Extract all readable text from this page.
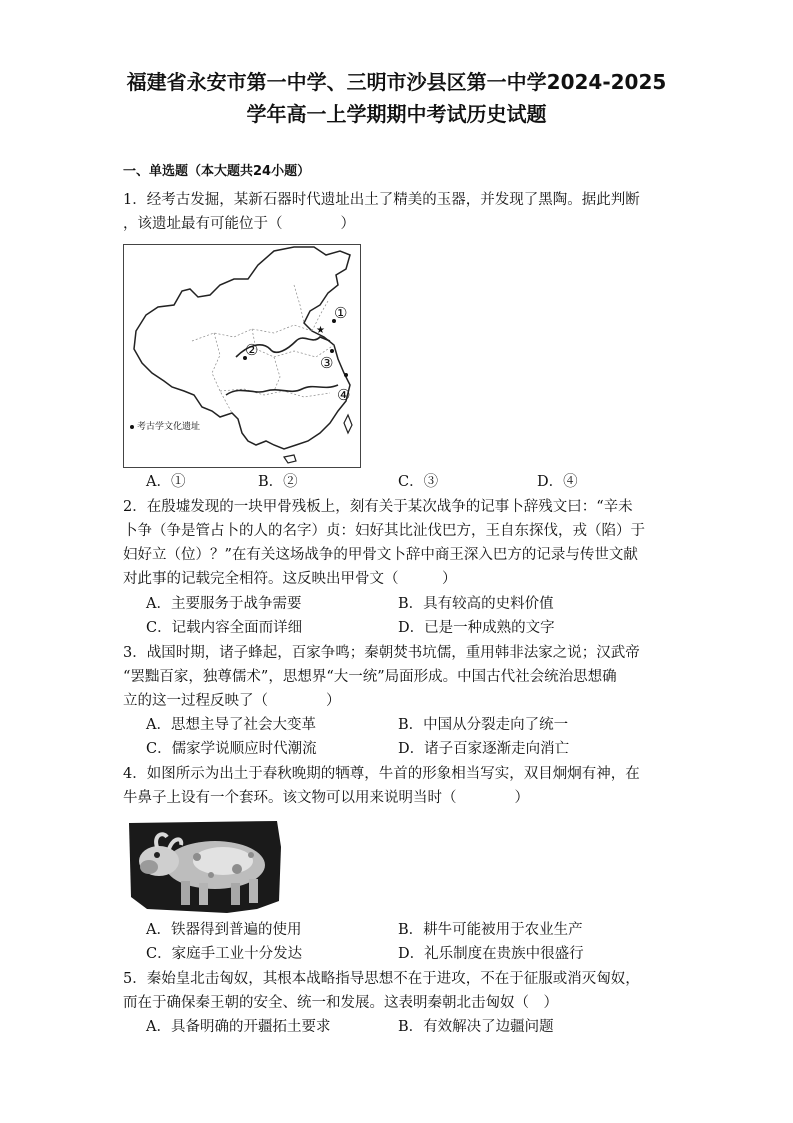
福建省永安市第一中学、三明市沙县区第一中学2024-2025
学年高一上学期期中考试历史试题
一、单选题（本大题共24小题）
1．经考古发掘，某新石器时代遗址出土了精美的玉器，并发现了黑陶。据此判断
，该遗址最有可能位于（　　　　）
★
①
②
③
④
考古学文化遗址
A．①	B．②	C．③	D．④
2．在殷墟发现的一块甲骨残板上，刻有关于某次战争的记事卜辞残文曰：“辛未
卜争（争是管占卜的人的名字）贞：妇好其比沚伐巴方，王自东探伐，戎（陷）于
妇好立（位）？”在有关这场战争的甲骨文卜辞中商王深入巴方的记录与传世文献
对此事的记载完全相符。这反映出甲骨文（　　　）
A．主要服务于战争需要	B．具有较高的史料价值
C．记载内容全面而详细	D．已是一种成熟的文字
3．战国时期，诸子蜂起，百家争鸣；秦朝焚书坑儒，重用韩非法家之说；汉武帝
“罢黜百家，独尊儒术”，思想界“大一统”局面形成。中国古代社会统治思想确
立的这一过程反映了（　　　　）
A．思想主导了社会大变革	B．中国从分裂走向了统一
C．儒家学说顺应时代潮流	D．诸子百家逐渐走向消亡
4．如图所示为出土于春秋晚期的牺尊，牛首的形象相当写实，双目炯炯有神，在
牛鼻子上设有一个套环。该文物可以用来说明当时（　　　　）
A．铁器得到普遍的使用	B．耕牛可能被用于农业生产
C．家庭手工业十分发达	D．礼乐制度在贵族中很盛行
5．秦始皇北击匈奴，其根本战略指导思想不在于进攻，不在于征服或消灭匈奴，
而在于确保秦王朝的安全、统一和发展。这表明秦朝北击匈奴（　）
A．具备明确的开疆拓土要求	B．有效解决了边疆问题
